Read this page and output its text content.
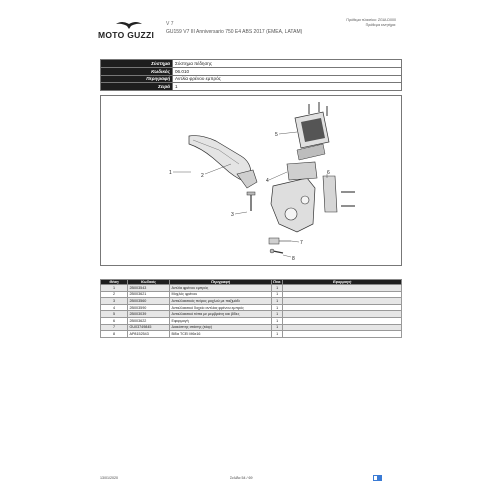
MOTO GUZZI
V 7
GU159 V7 III Anniversario 750 E4 ABS 2017 (EMEA, LATAM)
Πρόθεμα πλαισίου: ZGULD000
Πρόθεμα κινητήρα:
Σύστημα	Σύστημα πέδησης
Κωδικός	06.010
Περιγραφή	Αντλία φρένου εμπρός
Σειρά	1
1	2
3
4
5
6
7
8
Θέση	Κωδικός	Περιγραφή	Ποσ.	Εφαρμογή
1	2B003543	Αντλία φρένου εμπρός	1	
2	2B003621	Μοχλός φρένου	1	
3	2B003560	Ανταλλακτικός πείρος μοχλού με παξιμάδι	1	
4	2B003590	Ανταλλακτικό δοχείο αντλίας φρένου εμπρός	1	
5	2B003039	Ανταλλακτικό τάπα με μεμβράνη και βίδες	1	
6	2B003622	Εφαρμογή	1	
7	GU03749845	Διακόπτης στάσης (stop)	1	
8	AP8152543	Βίδα TCEI M6x16	1	
13/01/2020	Σελίδα 54 / 69
